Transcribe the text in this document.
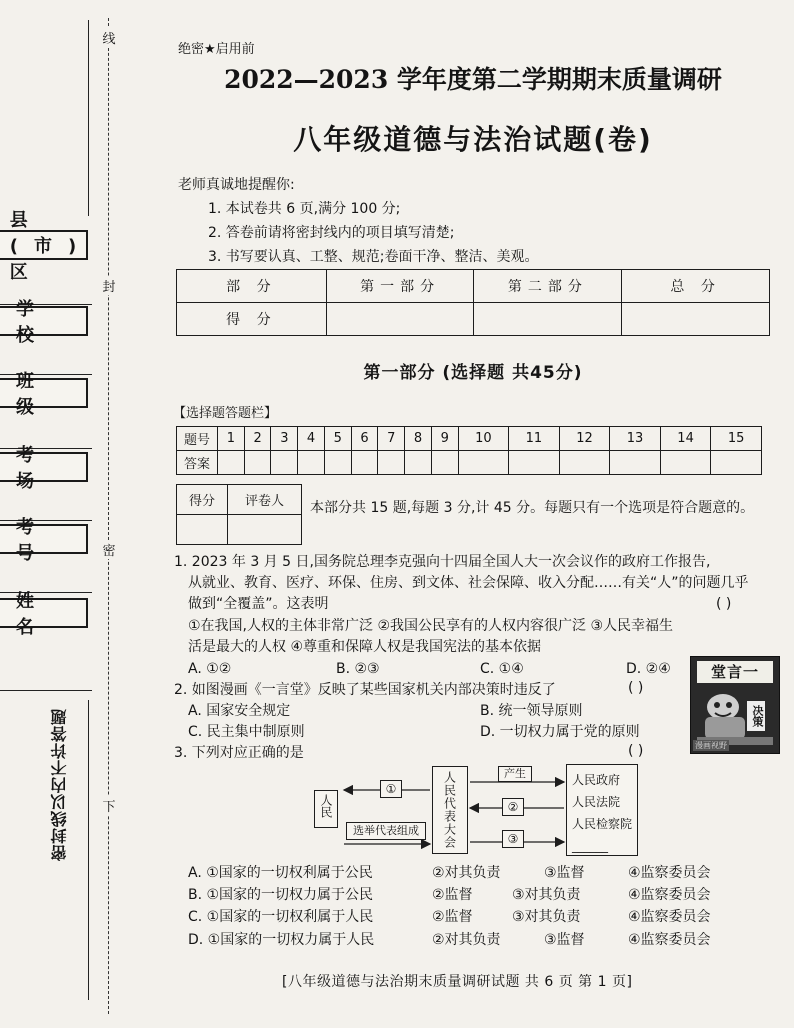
线
封
密
下
县(市)区
学 校
班 级
考 场
考 号
姓 名
密封线以内不许答题
绝密★启用前
2022—2023 学年度第二学期期末质量调研
八年级道德与法治试题(卷)
老师真诚地提醒你:
1. 本试卷共 6 页,满分 100 分;
2. 答卷前请将密封线内的项目填写清楚;
3. 书写要认真、工整、规范;卷面干净、整洁、美观。
部 分	第一部分	第二部分	总 分
得 分			
第一部分 (选择题 共45分)
【选择题答题栏】
题号	1	2	3	4	5	6	7	8	9	10	11	12	13	14	15
答案															
得分	评卷人
	本部分共 15 题,每题 3 分,计 45 分。每题只有一个选项是符合题意的。
1. 2023 年 3 月 5 日,国务院总理李克强向十四届全国人大一次会议作的政府工作报告,
从就业、教育、医疗、环保、住房、到文体、社会保障、收入分配……有关“人”的问题几乎
做到“全覆盖”。这表明	( )
①在我国,人权的主体非常广泛 ②我国公民享有的人权内容很广泛 ③人民幸福生
活是最大的人权 ④尊重和保障人权是我国宪法的基本依据
A. ①②	B. ②③	C. ①④	D. ②④
2. 如图漫画《一言堂》反映了某些国家机关内部决策时违反了	( )
A. 国家安全规定	B. 统一领导原则
C. 民主集中制原则	D. 一切权力属于党的原则
堂言一
决策
漫画视野
3. 下列对应正确的是	( )
人民	人民代表大会
①
选举代表组成
产生
②
③
人民政府
人民法院
人民检察院
______
A. ①国家的一切权利属于公民	②对其负责	③监督	④监察委员会
B. ①国家的一切权力属于公民	②监督	③对其负责	④监察委员会
C. ①国家的一切权利属于人民	②监督	③对其负责	④监察委员会
D. ①国家的一切权力属于人民	②对其负责	③监督	④监察委员会
[八年级道德与法治期末质量调研试题 共 6 页 第 1 页]
